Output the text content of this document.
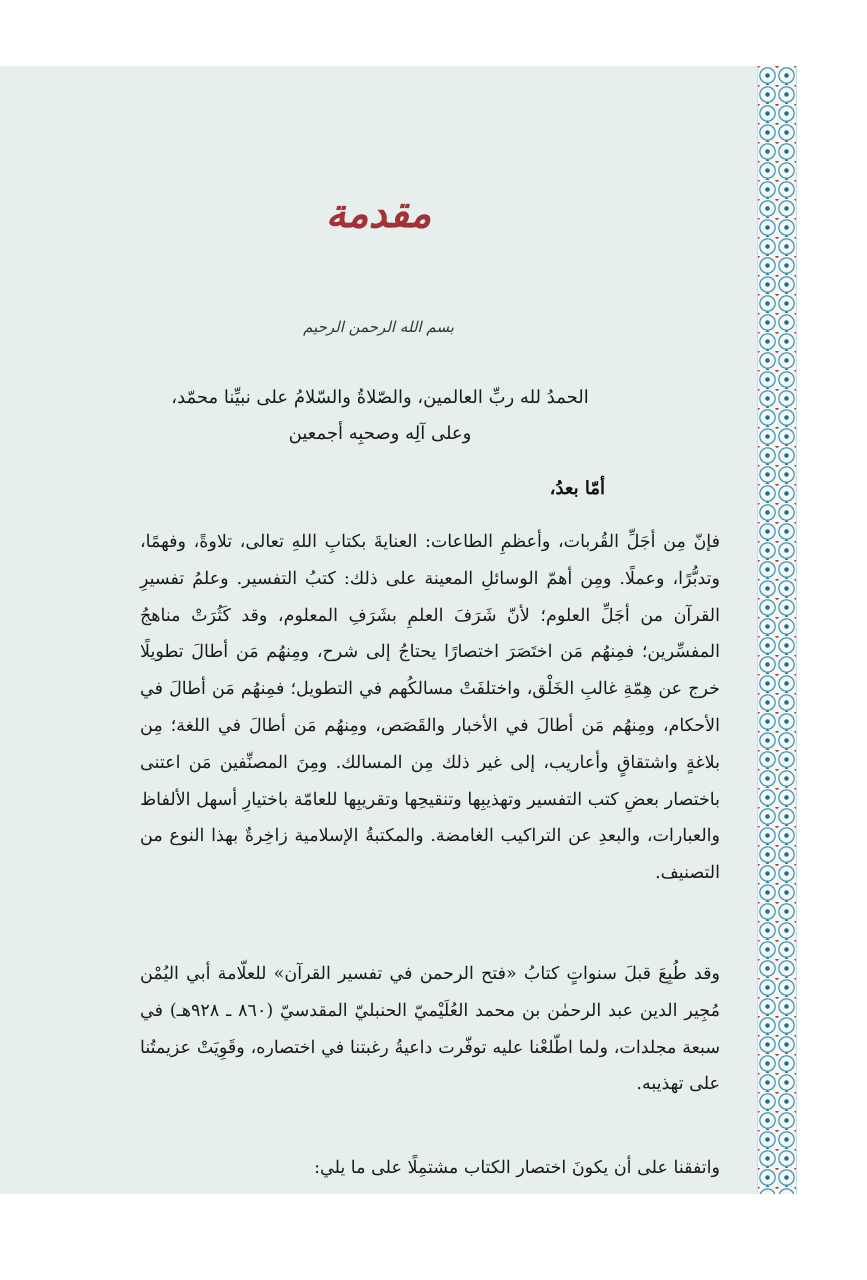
مقدمة
بسم الله الرحمن الرحيم
الحمدُ لله ربِّ العالمين، والصّلاةُ والسّلامُ على نبيِّنا محمّد، وعلى آلِه وصحبِه أجمعين
أمّا بعدُ،

فإنّ مِن أجَلِّ القُربات، وأعظمِ الطاعات: العنايةَ بكتابِ اللهِ تعالى، تلاوةً، وفهمًا، وتدبُّرًا، وعملًا. ومِن أهمّ الوسائلِ المعينة على ذلك: كتبُ التفسير. وعلمُ تفسيرِ القرآن من أجَلِّ العلوم؛ لأنّ شَرَفَ العلمِ بشَرَفِ المعلوم، وقد كَثُرَتْ مناهجُ المفسِّرين؛ فمِنهُم مَن اختَصَرَ اختصارًا يحتاجُ إلى شرح، ومِنهُم مَن أطالَ تطويلًا خرج عن هِمّةِ غالبِ الخَلْق، واختلفَتْ مسالكُهم في التطويل؛ فمِنهُم مَن أطالَ في الأحكام، ومِنهُم مَن أطالَ في الأخبار والقَصَص، ومِنهُم مَن أطالَ في اللغة؛ مِن بلاغةٍ واشتقاقٍ وأعاريب، إلى غير ذلك مِن المسالك. ومِنَ المصنِّفين مَن اعتنى باختصار بعضِ كتب التفسير وتهذيبِها وتنقيحِها وتقريبِها للعامّة باختيارِ أسهل الألفاظ والعبارات، والبعدِ عن التراكيب الغامضة. والمكتبةُ الإسلامية زاخِرةٌ بهذا النوع من التصنيف.

وقد طُبِعَ قبلَ سنواتٍ كتابُ «فتح الرحمن في تفسير القرآن» للعلّامة أبي اليُمْن مُجِير الدين عبد الرحمٰن بن محمد العُلَيْميّ الحنبليّ المقدسيّ (٨٦٠ ـ ٩٢٨هـ) في سبعة مجلدات، ولما اطّلعْنا عليه توفّرت داعيةُ رغبتنا في اختصاره، وقَوِيَتْ عزيمتُنا على تهذيبه.

واتفقنا على أن يكونَ اختصار الكتاب مشتمِلًا على ما يلي:
